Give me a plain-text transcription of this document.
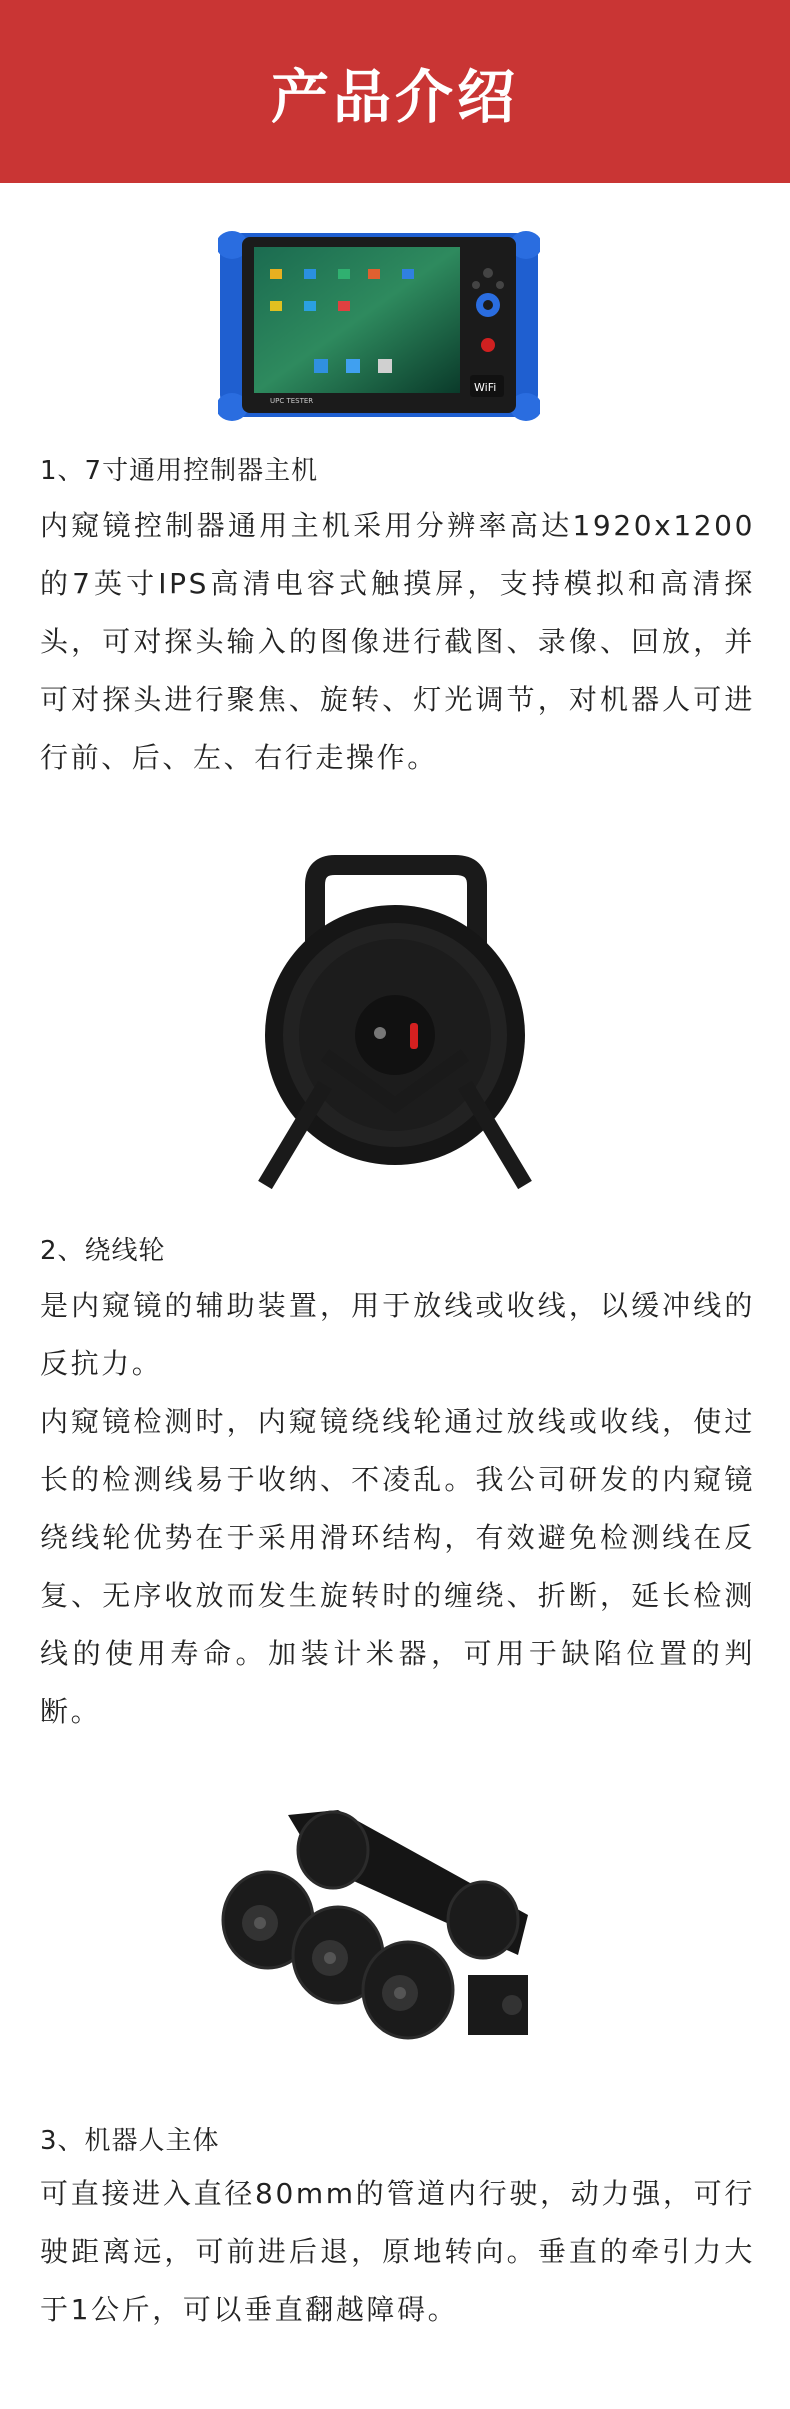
产品介绍
UPC TESTER
WiFi
1、7寸通用控制器主机
内窥镜控制器通用主机采用分辨率高达1920x1200的7英寸IPS高清电容式触摸屏，支持模拟和高清探头，可对探头输入的图像进行截图、录像、回放，并可对探头进行聚焦、旋转、灯光调节，对机器人可进行前、后、左、右行走操作。
2、绕线轮
是内窥镜的辅助装置，用于放线或收线，以缓冲线的反抗力。
内窥镜检测时，内窥镜绕线轮通过放线或收线，使过长的检测线易于收纳、不凌乱。我公司研发的内窥镜绕线轮优势在于采用滑环结构，有效避免检测线在反复、无序收放而发生旋转时的缠绕、折断，延长检测线的使用寿命。加装计米器，可用于缺陷位置的判断。
3、机器人主体
可直接进入直径80mm的管道内行驶，动力强，可行驶距离远，可前进后退，原地转向。垂直的牵引力大于1公斤，可以垂直翻越障碍。
